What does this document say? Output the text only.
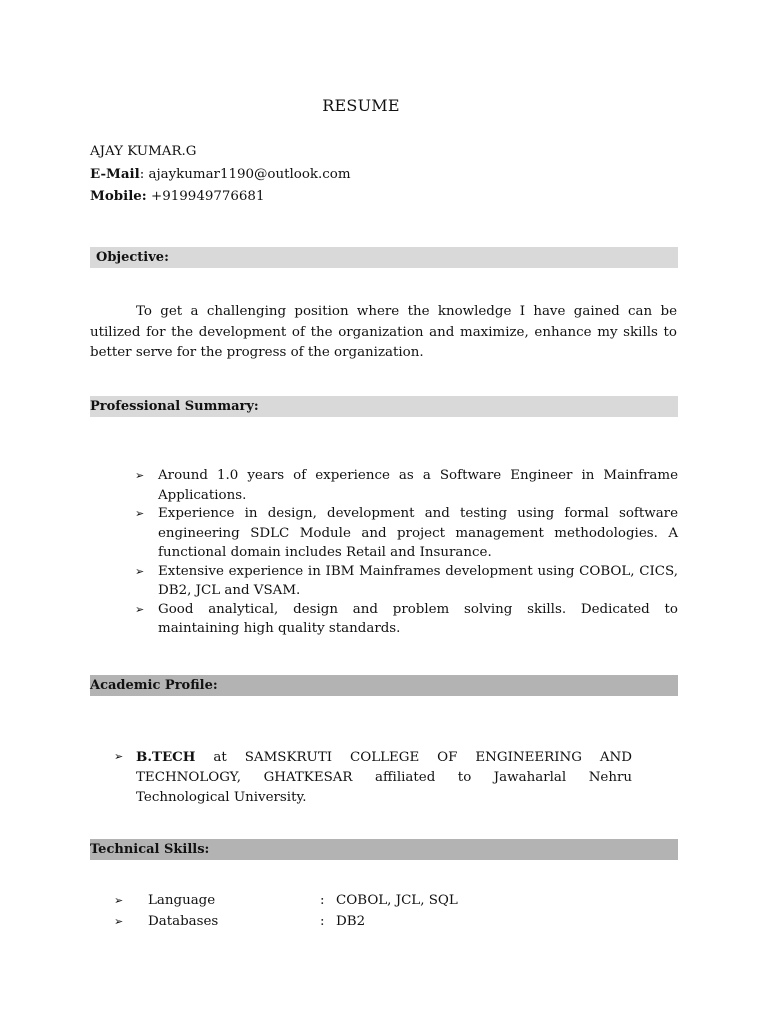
RESUME
AJAY KUMAR.G
E-Mail: ajaykumar1190@outlook.com
Mobile: +919949776681
Objective:
To get a challenging position where the knowledge I have gained can be utilized for the development of the organization and maximize, enhance my skills to better serve for the progress of the organization.
Professional Summary:
➢ Around 1.0 years of experience as a Software Engineer in Mainframe Applications.
➢ Experience in design, development and testing using formal software engineering SDLC Module and project management methodologies. A functional domain includes Retail and Insurance.
➢ Extensive experience in IBM Mainframes development using COBOL, CICS, DB2, JCL and VSAM.
➢ Good analytical, design and problem solving skills. Dedicated to maintaining high quality standards.
Academic Profile:
➢ B.TECH at SAMSKRUTI COLLEGE OF ENGINEERING AND TECHNOLOGY, GHATKESAR affiliated to Jawaharlal Nehru Technological University.
Technical Skills:
➢ Language	: COBOL, JCL, SQL
➢ Databases	: DB2
